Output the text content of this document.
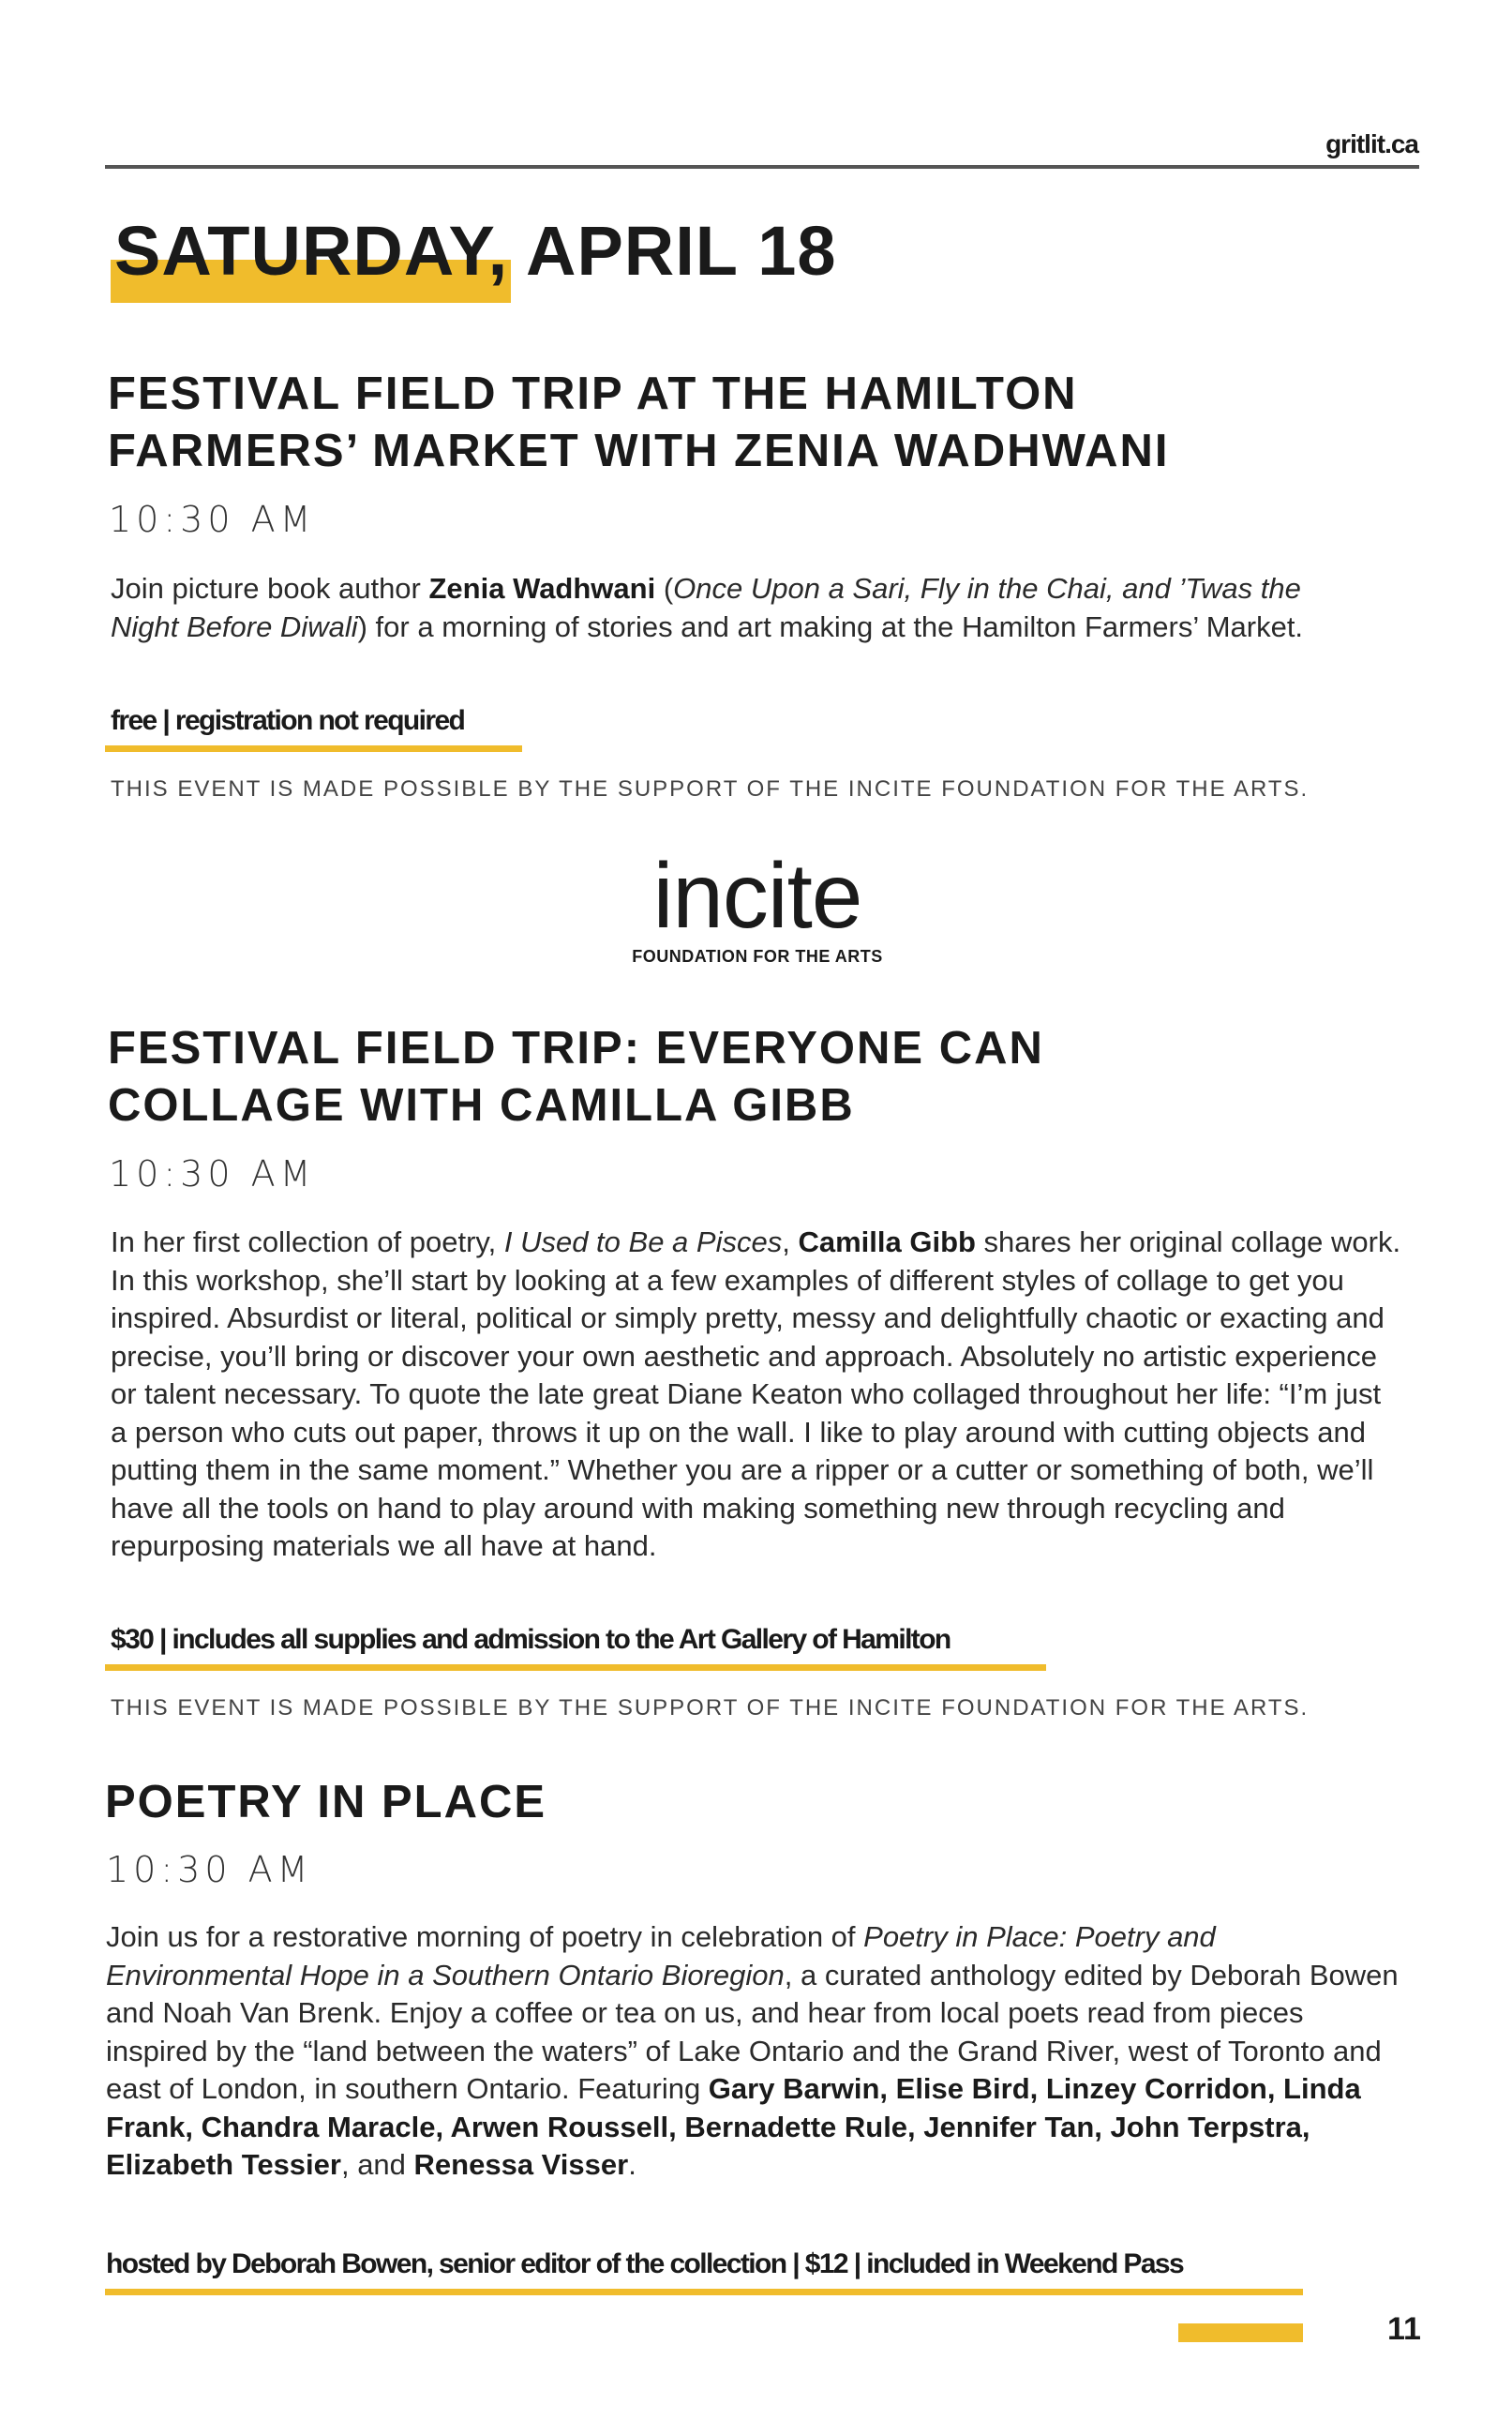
gritlit.ca
SATURDAY, APRIL 18
FESTIVAL FIELD TRIP AT THE HAMILTON
FARMERS’ MARKET WITH ZENIA WADHWANI
10:30 AM
Join picture book author Zenia Wadhwani (Once Upon a Sari, Fly in the Chai, and ’Twas the Night Before Diwali) for a morning of stories and art making at the Hamilton Farmers’ Market.
free | registration not required
THIS EVENT IS MADE POSSIBLE BY THE SUPPORT OF THE INCITE FOUNDATION FOR THE ARTS.
incite
FOUNDATION FOR THE ARTS
FESTIVAL FIELD TRIP: EVERYONE CAN
COLLAGE WITH CAMILLA GIBB
10:30 AM
In her first collection of poetry, I Used to Be a Pisces, Camilla Gibb shares her original collage work. In this workshop, she’ll start by looking at a few examples of different styles of collage to get you inspired. Absurdist or literal, political or simply pretty, messy and delightfully chaotic or exacting and precise, you’ll bring or discover your own aesthetic and approach. Absolutely no artistic experience or talent necessary. To quote the late great Diane Keaton who collaged throughout her life: “I’m just a person who cuts out paper, throws it up on the wall. I like to play around with cutting objects and putting them in the same moment.” Whether you are a ripper or a cutter or something of both, we’ll have all the tools on hand to play around with making something new through recycling and repurposing materials we all have at hand.
$30 | includes all supplies and admission to the Art Gallery of Hamilton
THIS EVENT IS MADE POSSIBLE BY THE SUPPORT OF THE INCITE FOUNDATION FOR THE ARTS.
POETRY IN PLACE
10:30 AM
Join us for a restorative morning of poetry in celebration of Poetry in Place: Poetry and Environmental Hope in a Southern Ontario Bioregion, a curated anthology edited by Deborah Bowen and Noah Van Brenk. Enjoy a coffee or tea on us, and hear from local poets read from pieces inspired by the “land between the waters” of Lake Ontario and the Grand River, west of Toronto and east of London, in southern Ontario. Featuring Gary Barwin, Elise Bird, Linzey Corridon, Linda Frank, Chandra Maracle, Arwen Roussell, Bernadette Rule, Jennifer Tan, John Terpstra, Elizabeth Tessier, and Renessa Visser.
hosted by Deborah Bowen, senior editor of the collection | $12 | included in Weekend Pass
11
